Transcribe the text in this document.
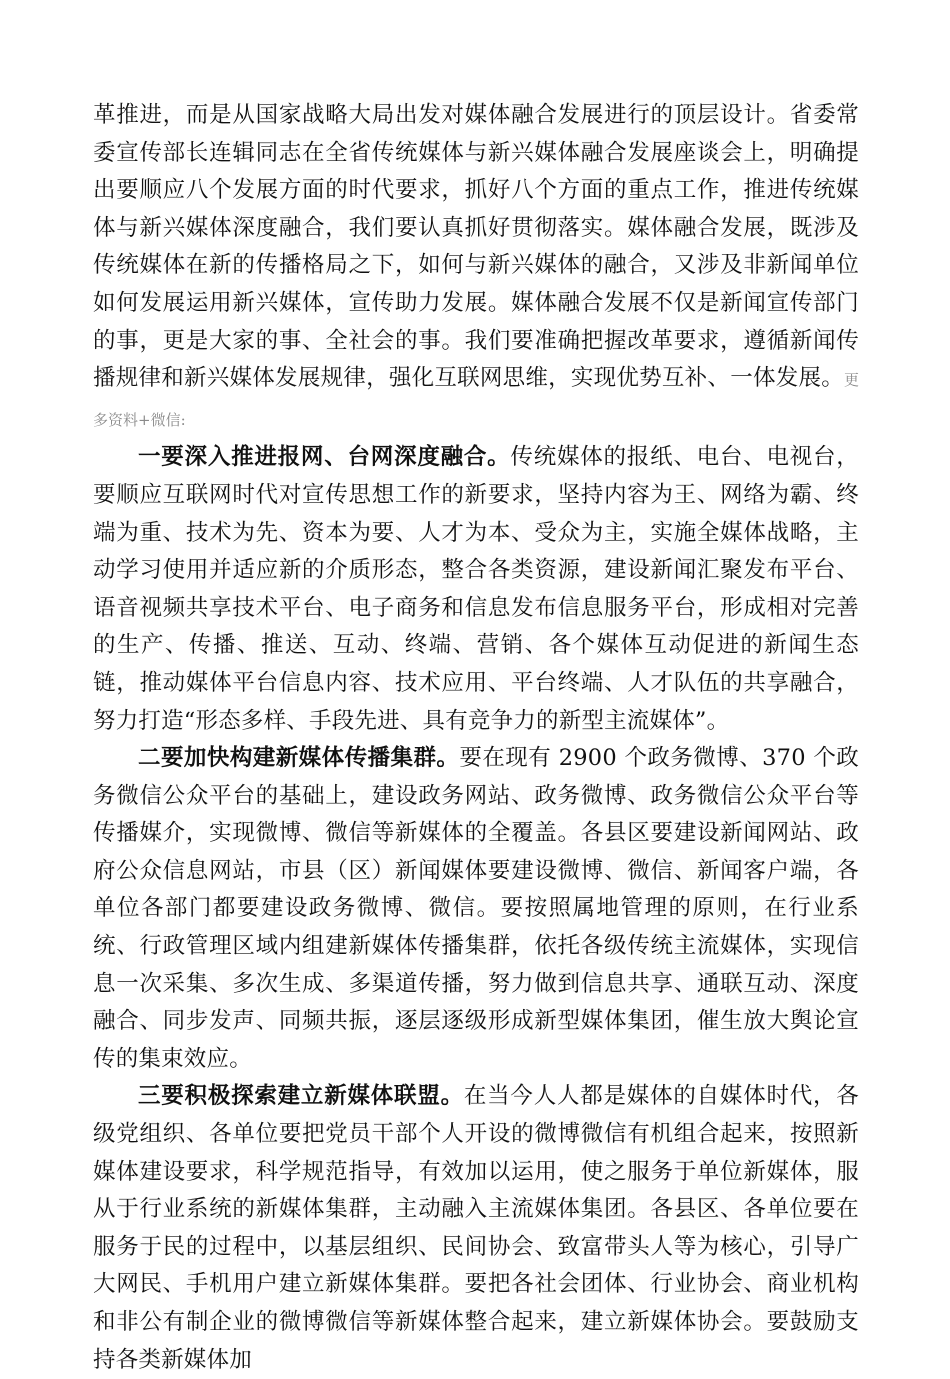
革推进，而是从国家战略大局出发对媒体融合发展进行的顶层设计。省委常委宣传部长连辑同志在全省传统媒体与新兴媒体融合发展座谈会上，明确提出要顺应八个发展方面的时代要求，抓好八个方面的重点工作，推进传统媒体与新兴媒体深度融合，我们要认真抓好贯彻落实。媒体融合发展，既涉及传统媒体在新的传播格局之下，如何与新兴媒体的融合，又涉及非新闻单位如何发展运用新兴媒体，宣传助力发展。媒体融合发展不仅是新闻宣传部门的事，更是大家的事、全社会的事。我们要准确把握改革要求，遵循新闻传播规律和新兴媒体发展规律，强化互联网思维，实现优势互补、一体发展。更 多资料+微信:

一要深入推进报网、台网深度融合。传统媒体的报纸、电台、电视台，要顺应互联网时代对宣传思想工作的新要求，坚持内容为王、网络为霸、终端为重、技术为先、资本为要、人才为本、受众为主，实施全媒体战略，主动学习使用并适应新的介质形态，整合各类资源，建设新闻汇聚发布平台、语音视频共享技术平台、电子商务和信息发布信息服务平台，形成相对完善的生产、传播、推送、互动、终端、营销、各个媒体互动促进的新闻生态链，推动媒体平台信息内容、技术应用、平台终端、人才队伍的共享融合，努力打造“形态多样、手段先进、具有竞争力的新型主流媒体”。

二要加快构建新媒体传播集群。要在现有 2900 个政务微博、370 个政务微信公众平台的基础上，建设政务网站、政务微博、政务微信公众平台等传播媒介，实现微博、微信等新媒体的全覆盖。各县区要建设新闻网站、政府公众信息网站，市县（区）新闻媒体要建设微博、微信、新闻客户端，各单位各部门都要建设政务微博、微信。要按照属地管理的原则，在行业系统、行政管理区域内组建新媒体传播集群，依托各级传统主流媒体，实现信息一次采集、多次生成、多渠道传播，努力做到信息共享、通联互动、深度融合、同步发声、同频共振，逐层逐级形成新型媒体集团，催生放大舆论宣传的集束效应。

三要积极探索建立新媒体联盟。在当今人人都是媒体的自媒体时代，各级党组织、各单位要把党员干部个人开设的微博微信有机组合起来，按照新媒体建设要求，科学规范指导，有效加以运用，使之服务于单位新媒体，服从于行业系统的新媒体集群，主动融入主流媒体集团。各县区、各单位要在服务于民的过程中，以基层组织、民间协会、致富带头人等为核心，引导广大网民、手机用户建立新媒体集群。要把各社会团体、行业协会、商业机构和非公有制企业的微博微信等新媒体整合起来，建立新媒体协会。要鼓励支持各类新媒体加
